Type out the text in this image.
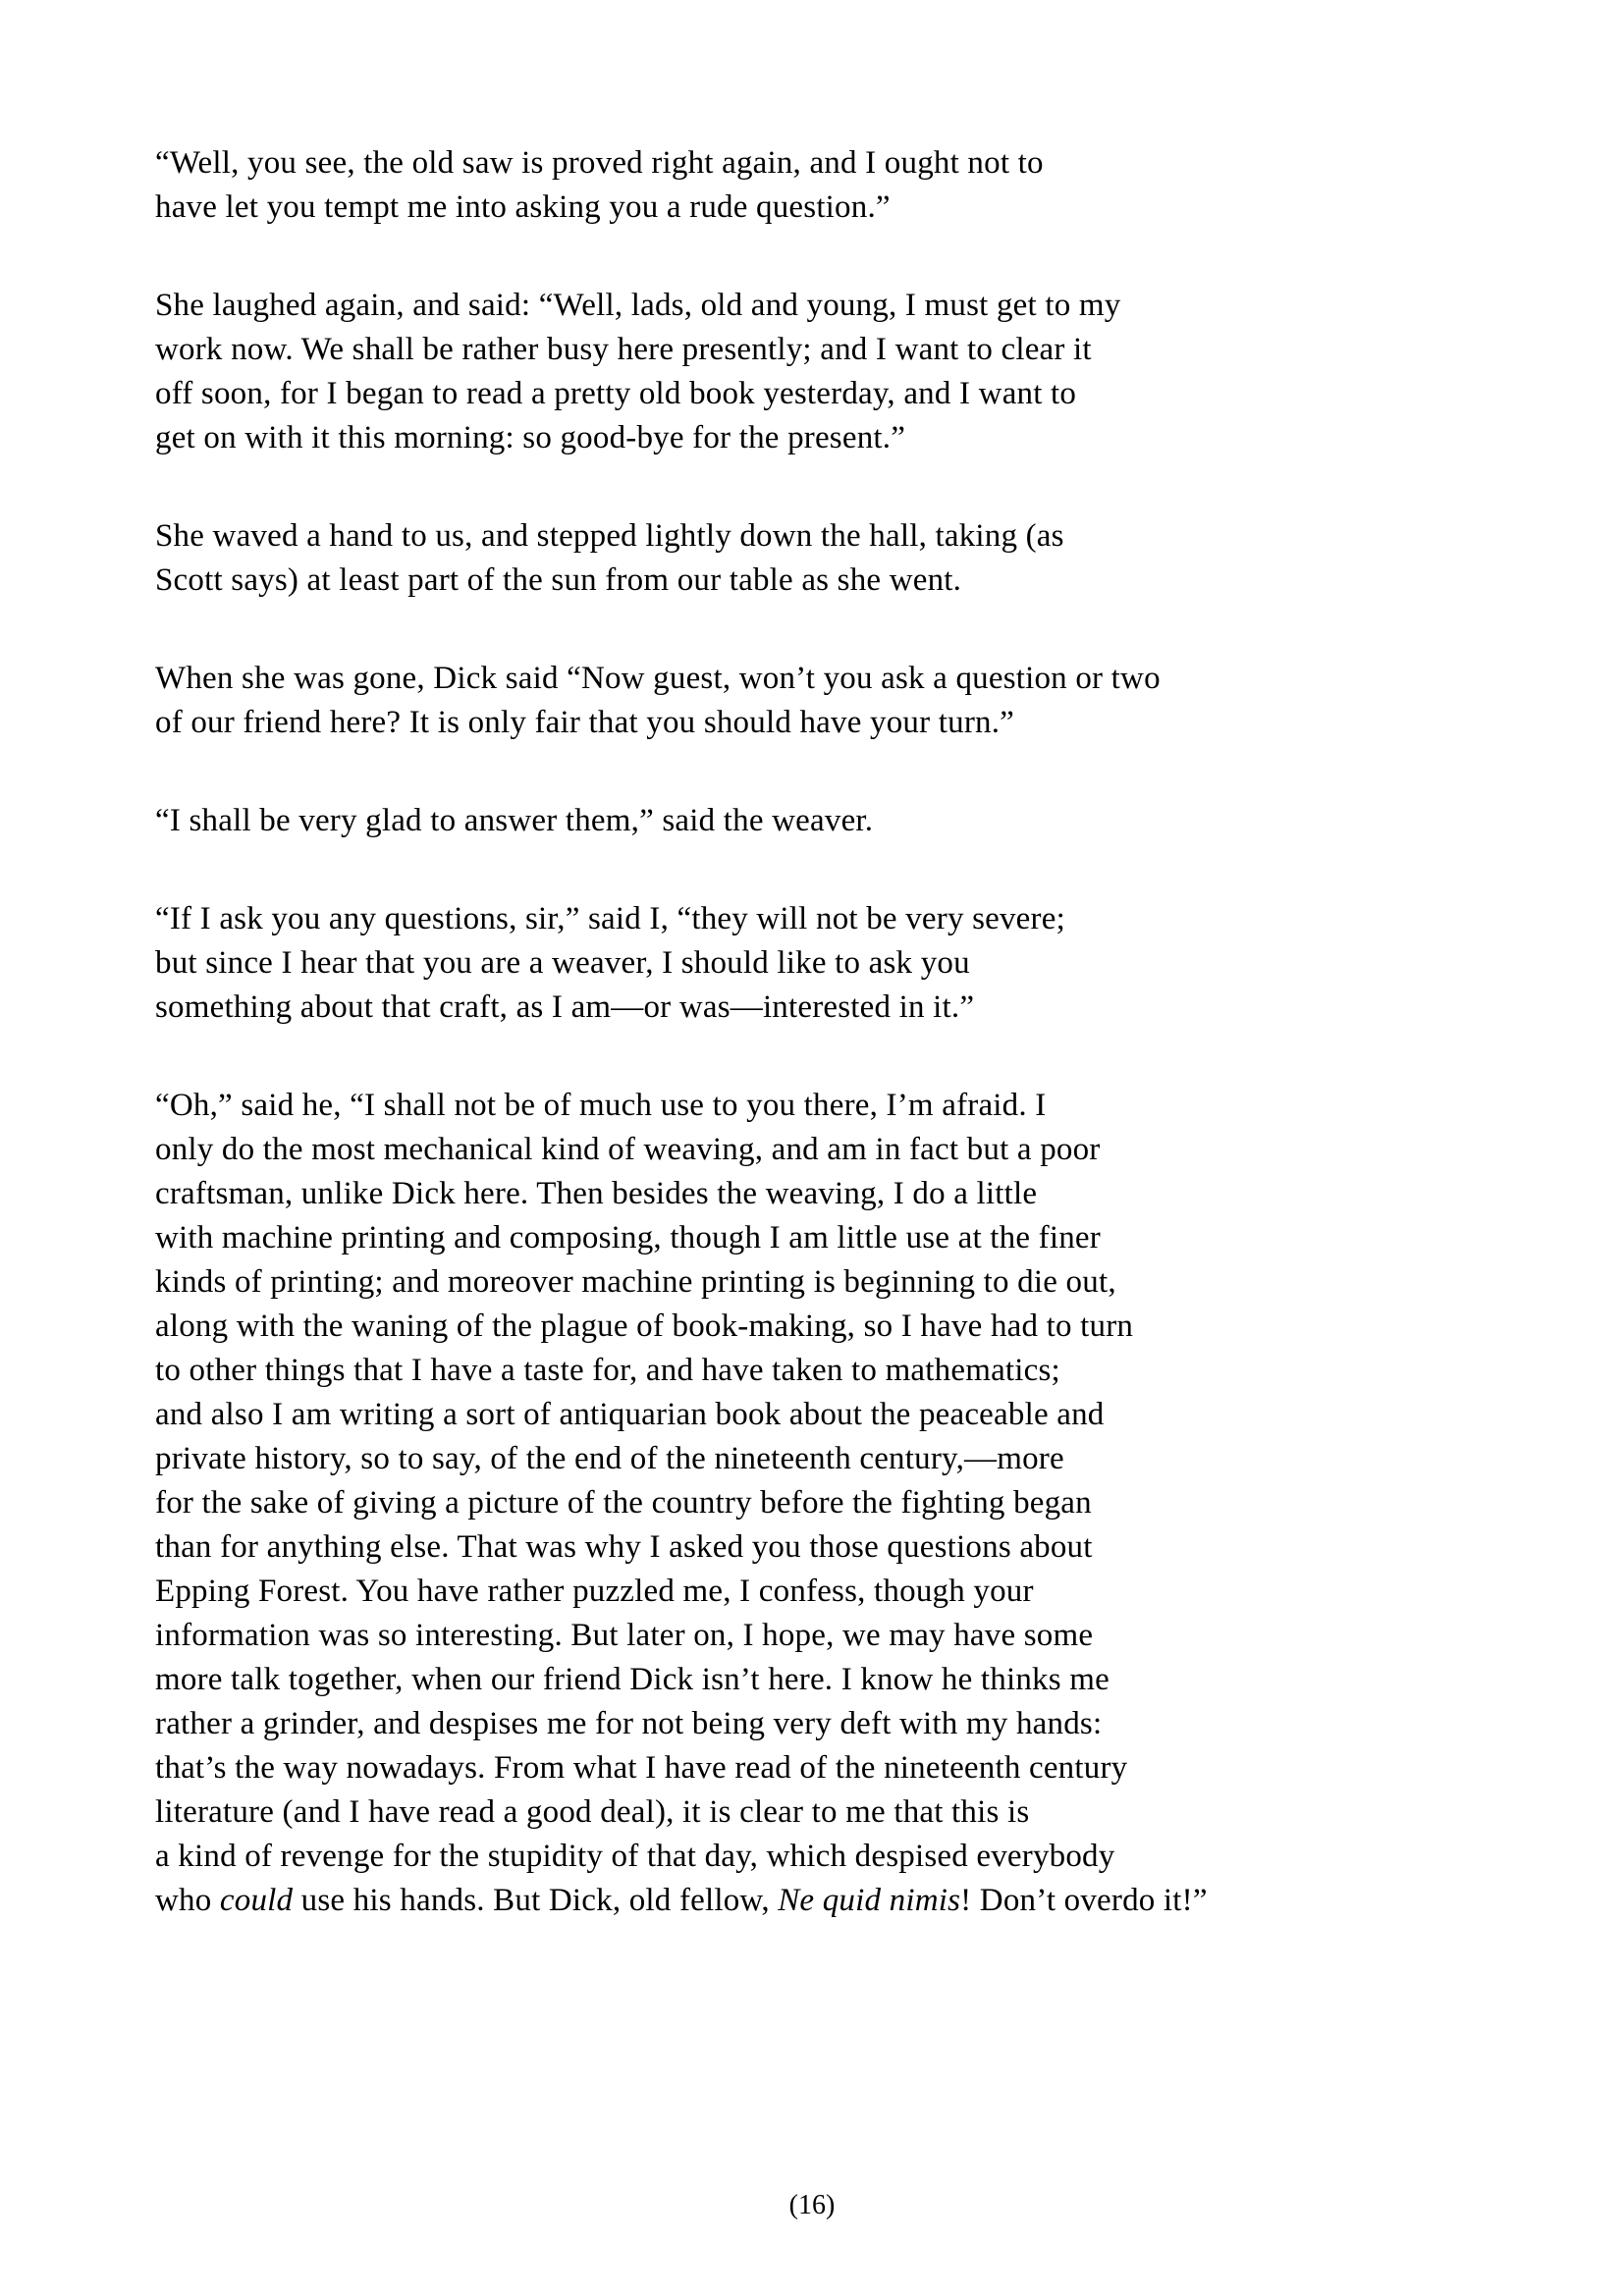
“Well, you see, the old saw is proved right again, and I ought not to
have let you tempt me into asking you a rude question.”
She laughed again, and said: “Well, lads, old and young, I must get to my
work now. We shall be rather busy here presently; and I want to clear it
off soon, for I began to read a pretty old book yesterday, and I want to
get on with it this morning: so good-bye for the present.”
She waved a hand to us, and stepped lightly down the hall, taking (as
Scott says) at least part of the sun from our table as she went.
When she was gone, Dick said “Now guest, won’t you ask a question or two
of our friend here? It is only fair that you should have your turn.”
“I shall be very glad to answer them,” said the weaver.
“If I ask you any questions, sir,” said I, “they will not be very severe;
but since I hear that you are a weaver, I should like to ask you
something about that craft, as I am—or was—interested in it.”
“Oh,” said he, “I shall not be of much use to you there, I’m afraid. I
only do the most mechanical kind of weaving, and am in fact but a poor
craftsman, unlike Dick here. Then besides the weaving, I do a little
with machine printing and composing, though I am little use at the finer
kinds of printing; and moreover machine printing is beginning to die out,
along with the waning of the plague of book-making, so I have had to turn
to other things that I have a taste for, and have taken to mathematics;
and also I am writing a sort of antiquarian book about the peaceable and
private history, so to say, of the end of the nineteenth century,—more
for the sake of giving a picture of the country before the fighting began
than for anything else. That was why I asked you those questions about
Epping Forest. You have rather puzzled me, I confess, though your
information was so interesting. But later on, I hope, we may have some
more talk together, when our friend Dick isn’t here. I know he thinks me
rather a grinder, and despises me for not being very deft with my hands:
that’s the way nowadays. From what I have read of the nineteenth century
literature (and I have read a good deal), it is clear to me that this is
a kind of revenge for the stupidity of that day, which despised everybody
who could use his hands. But Dick, old fellow, Ne quid nimis! Don’t overdo it!”
(16)
